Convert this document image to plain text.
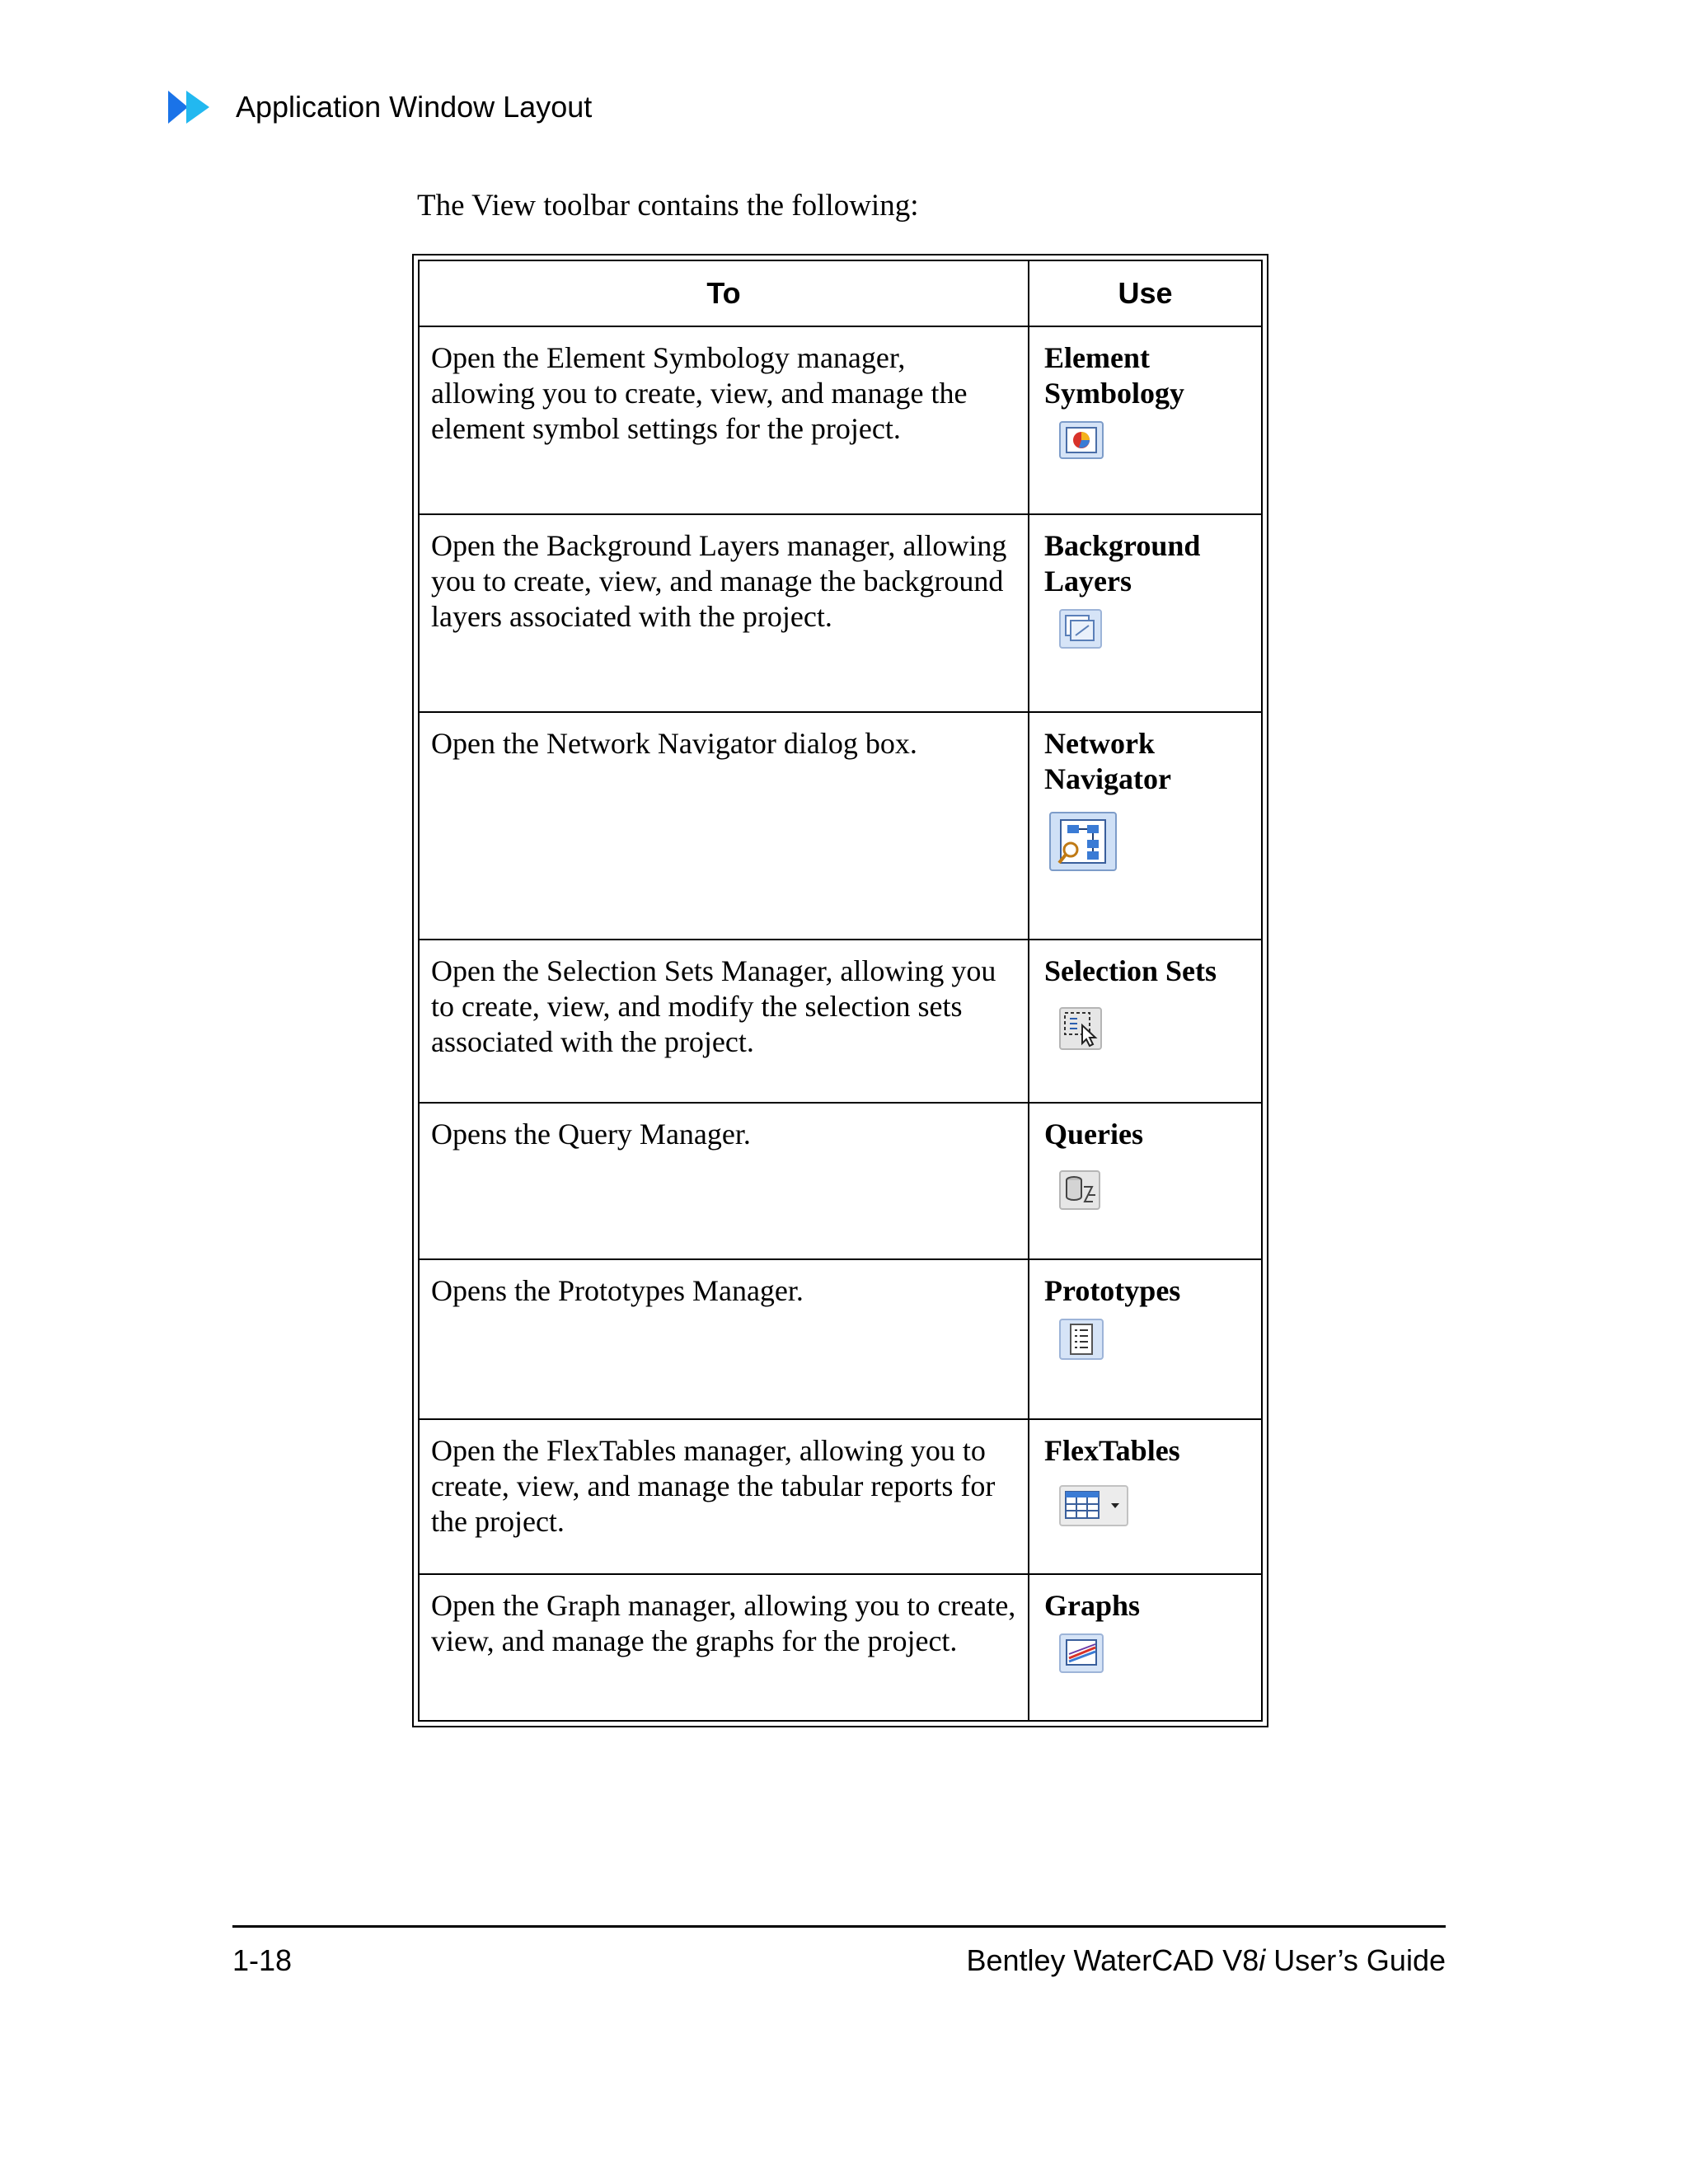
Application Window Layout
The View toolbar contains the following:
To	Use
Open the Element Symbology manager, allowing you to create, view, and manage the element symbol settings for the project.	Element Symbology

Open the Background Layers manager, allowing you to create, view, and manage the background layers associated with the project.	Background Layers

Open the Network Navigator dialog box.	Network Navigator

Open the Selection Sets Manager, allowing you to create, view, and modify the selection sets associated with the project.	Selection Sets

Opens the Query Manager.	Queries

Opens the Prototypes Manager.	Prototypes

Open the FlexTables manager, allowing you to create, view, and manage the tabular reports for the project.	FlexTables

Open the Graph manager, allowing you to create, view, and manage the graphs for the project.	Graphs
1-18	Bentley WaterCAD V8i User’s Guide
